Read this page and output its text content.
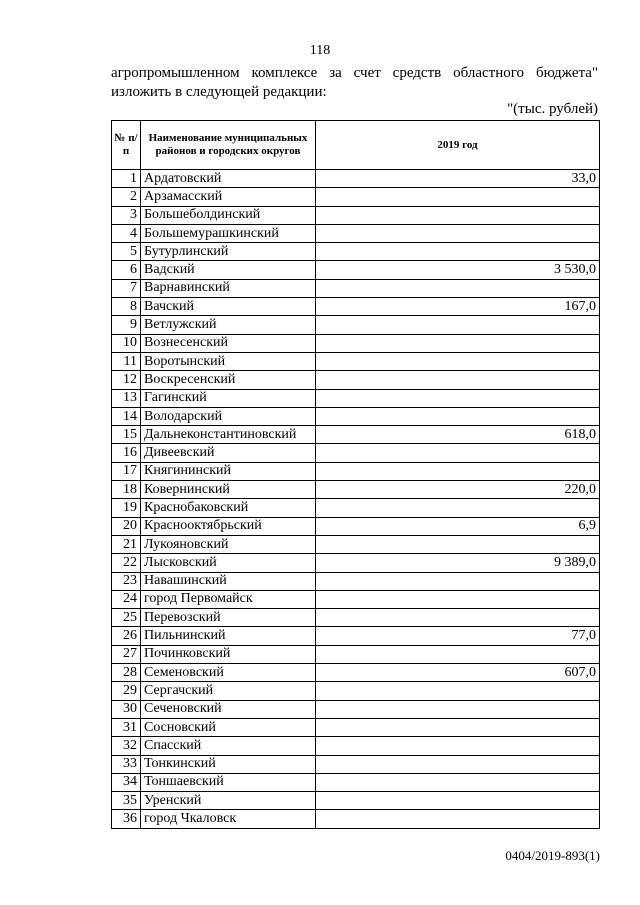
118
агропромышленном комплексе за счет средств областного бюджета"
изложить в следующей редакции:
"(тыс. рублей)
№ п/п	Наименование муниципальных районов и городских округов	2019 год
1	Ардатовский	33,0
2	Арзамасский	
3	Большеболдинский	
4	Большемурашкинский	
5	Бутурлинский	
6	Вадский	3 530,0
7	Варнавинский	
8	Вачский	167,0
9	Ветлужский	
10	Вознесенский	
11	Воротынский	
12	Воскресенский	
13	Гагинский	
14	Володарский	
15	Дальнеконстантиновский	618,0
16	Дивеевский	
17	Княгининский	
18	Ковернинский	220,0
19	Краснобаковский	
20	Краснооктябрьский	6,9
21	Лукояновский	
22	Лысковский	9 389,0
23	Навашинский	
24	город Первомайск	
25	Перевозский	
26	Пильнинский	77,0
27	Починковский	
28	Семеновский	607,0
29	Сергачский	
30	Сеченовский	
31	Сосновский	
32	Спасский	
33	Тонкинский	
34	Тоншаевский	
35	Уренский	
36	город Чкаловск	
0404/2019-893(1)
